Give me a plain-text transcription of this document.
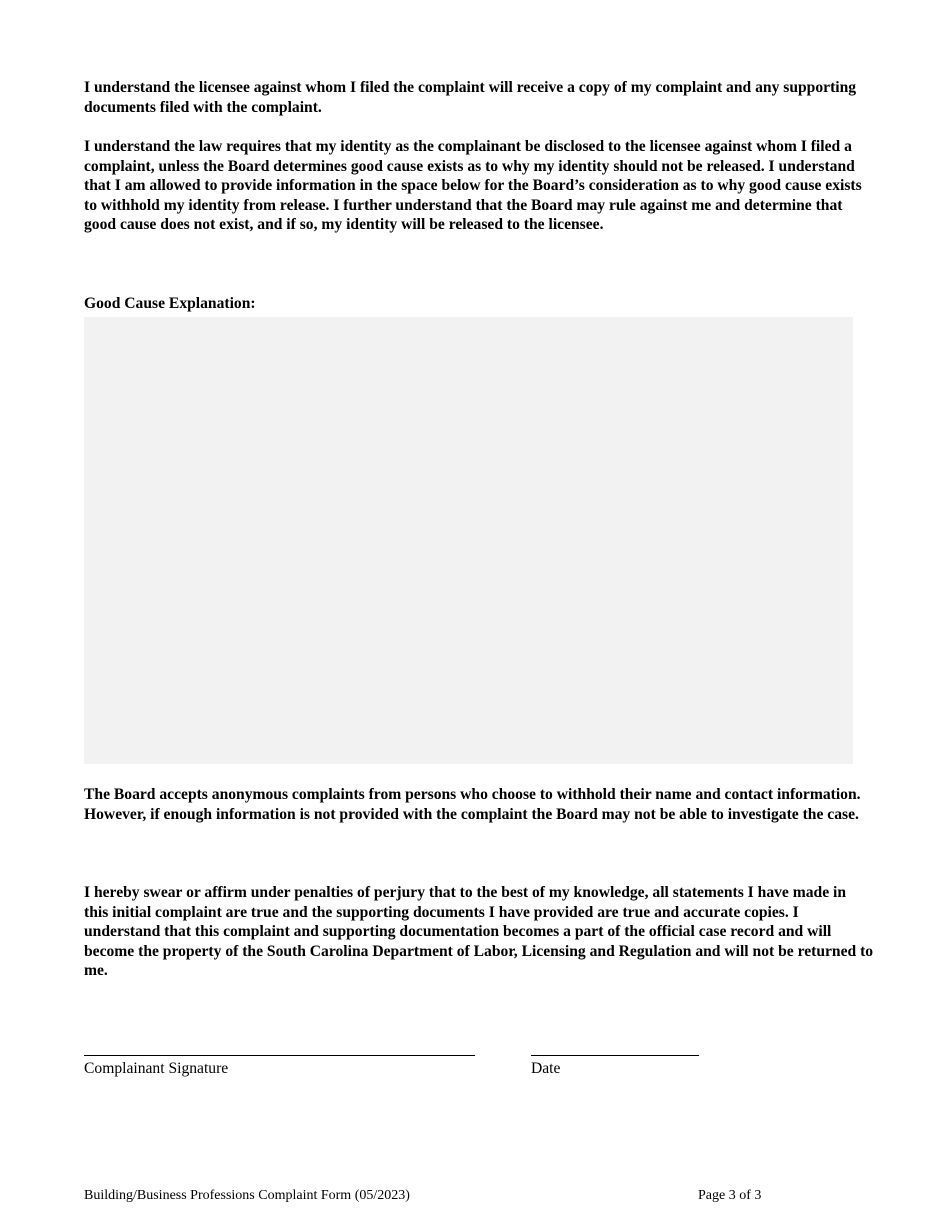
I understand the licensee against whom I filed the complaint will receive a copy of my complaint and any supporting documents filed with the complaint.

I understand the law requires that my identity as the complainant be disclosed to the licensee against whom I filed a complaint, unless the Board determines good cause exists as to why my identity should not be released. I understand that I am allowed to provide information in the space below for the Board’s consideration as to why good cause exists to withhold my identity from release. I further understand that the Board may rule against me and determine that good cause does not exist, and if so, my identity will be released to the licensee.

Good Cause Explanation:

The Board accepts anonymous complaints from persons who choose to withhold their name and contact information. However, if enough information is not provided with the complaint the Board may not be able to investigate the case.

I hereby swear or affirm under penalties of perjury that to the best of my knowledge, all statements I have made in this initial complaint are true and the supporting documents I have provided are true and accurate copies. I understand that this complaint and supporting documentation becomes a part of the official case record and will become the property of the South Carolina Department of Labor, Licensing and Regulation and will not be returned to me.

Complainant Signature	Date
Building/Business Professions Complaint Form (05/2023)	Page 3 of 3
